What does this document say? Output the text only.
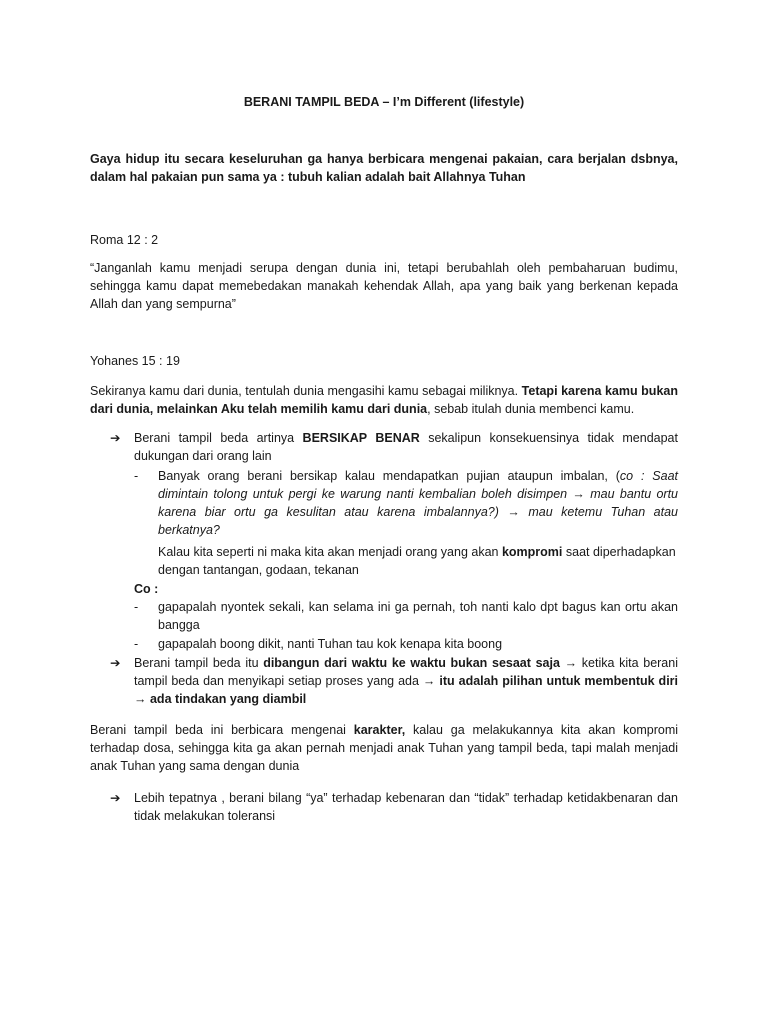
BERANI TAMPIL BEDA – I’m Different (lifestyle)
Gaya hidup itu secara keseluruhan ga hanya berbicara mengenai pakaian, cara berjalan dsbnya, dalam hal pakaian pun sama ya : tubuh kalian adalah bait Allahnya Tuhan
Roma 12 : 2
“Janganlah kamu menjadi serupa dengan dunia ini, tetapi berubahlah oleh pembaharuan budimu, sehingga kamu dapat memebedakan manakah kehendak Allah, apa yang baik yang berkenan kepada Allah dan yang sempurna”
Yohanes 15 : 19
Sekiranya kamu dari dunia, tentulah dunia mengasihi kamu sebagai miliknya. Tetapi karena kamu bukan dari dunia, melainkan Aku telah memilih kamu dari dunia, sebab itulah dunia membenci kamu.
➔	Berani tampil beda artinya BERSIKAP BENAR sekalipun konsekuensinya tidak mendapat dukungan dari orang lain
- Banyak orang berani bersikap kalau mendapatkan pujian ataupun imbalan, (co : Saat dimintain tolong untuk pergi ke warung nanti kembalian boleh disimpen → mau bantu ortu karena biar ortu ga kesulitan atau karena imbalannya?) → mau ketemu Tuhan atau berkatnya?
Kalau kita seperti ni maka kita akan menjadi orang yang akan kompromi saat diperhadapkan dengan tantangan, godaan, tekanan
Co :
- gapapalah nyontek sekali, kan selama ini ga pernah, toh nanti kalo dpt bagus kan ortu akan bangga
- gapapalah boong dikit, nanti Tuhan tau kok kenapa kita boong
➔	Berani tampil beda itu dibangun dari waktu ke waktu bukan sesaat saja → ketika kita berani tampil beda dan menyikapi setiap proses yang ada → itu adalah pilihan untuk membentuk diri → ada tindakan yang diambil
Berani tampil beda ini berbicara mengenai karakter, kalau ga melakukannya kita akan kompromi terhadap dosa, sehingga kita ga akan pernah menjadi anak Tuhan yang tampil beda, tapi malah menjadi anak Tuhan yang sama dengan dunia
➔	Lebih tepatnya , berani bilang “ya” terhadap kebenaran dan “tidak” terhadap ketidakbenaran dan tidak melakukan toleransi
